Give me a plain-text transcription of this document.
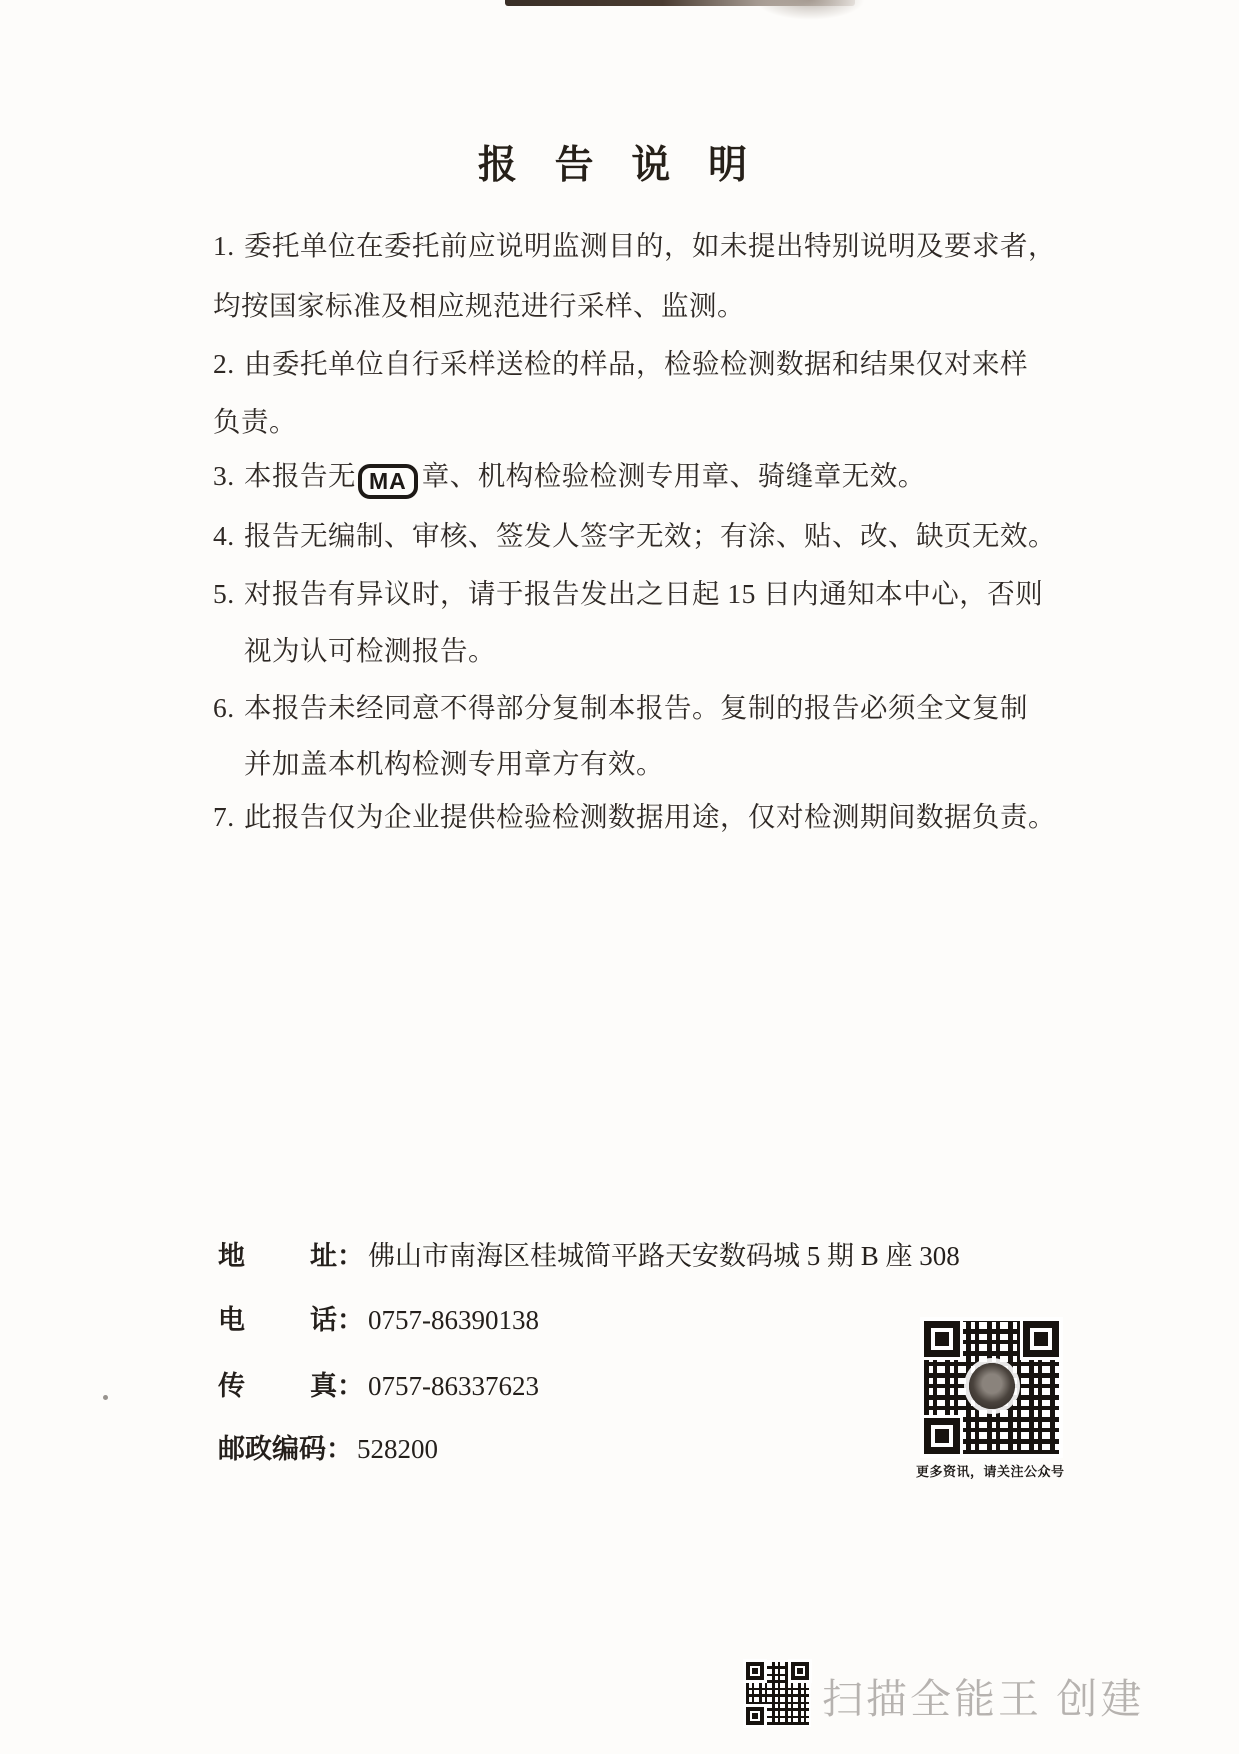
报 告 说 明
1. 委托单位在委托前应说明监测目的，如未提出特别说明及要求者，
均按国家标准及相应规范进行采样、监测。
2. 由委托单位自行采样送检的样品，检验检测数据和结果仅对来样
负责。
3. 本报告无 MA 章、机构检验检测专用章、骑缝章无效。
4. 报告无编制、审核、签发人签字无效；有涂、贴、改、缺页无效。
5. 对报告有异议时，请于报告发出之日起 15 日内通知本中心，否则
视为认可检测报告。
6. 本报告未经同意不得部分复制本报告。复制的报告必须全文复制
并加盖本机构检测专用章方有效。
7. 此报告仅为企业提供检验检测数据用途，仅对检测期间数据负责。
地 址： 佛山市南海区桂城简平路天安数码城 5 期 B 座 308
电 话： 0757-86390138
传 真： 0757-86337623
邮政编码： 528200
更多资讯，请关注公众号
扫描全能王 创建
